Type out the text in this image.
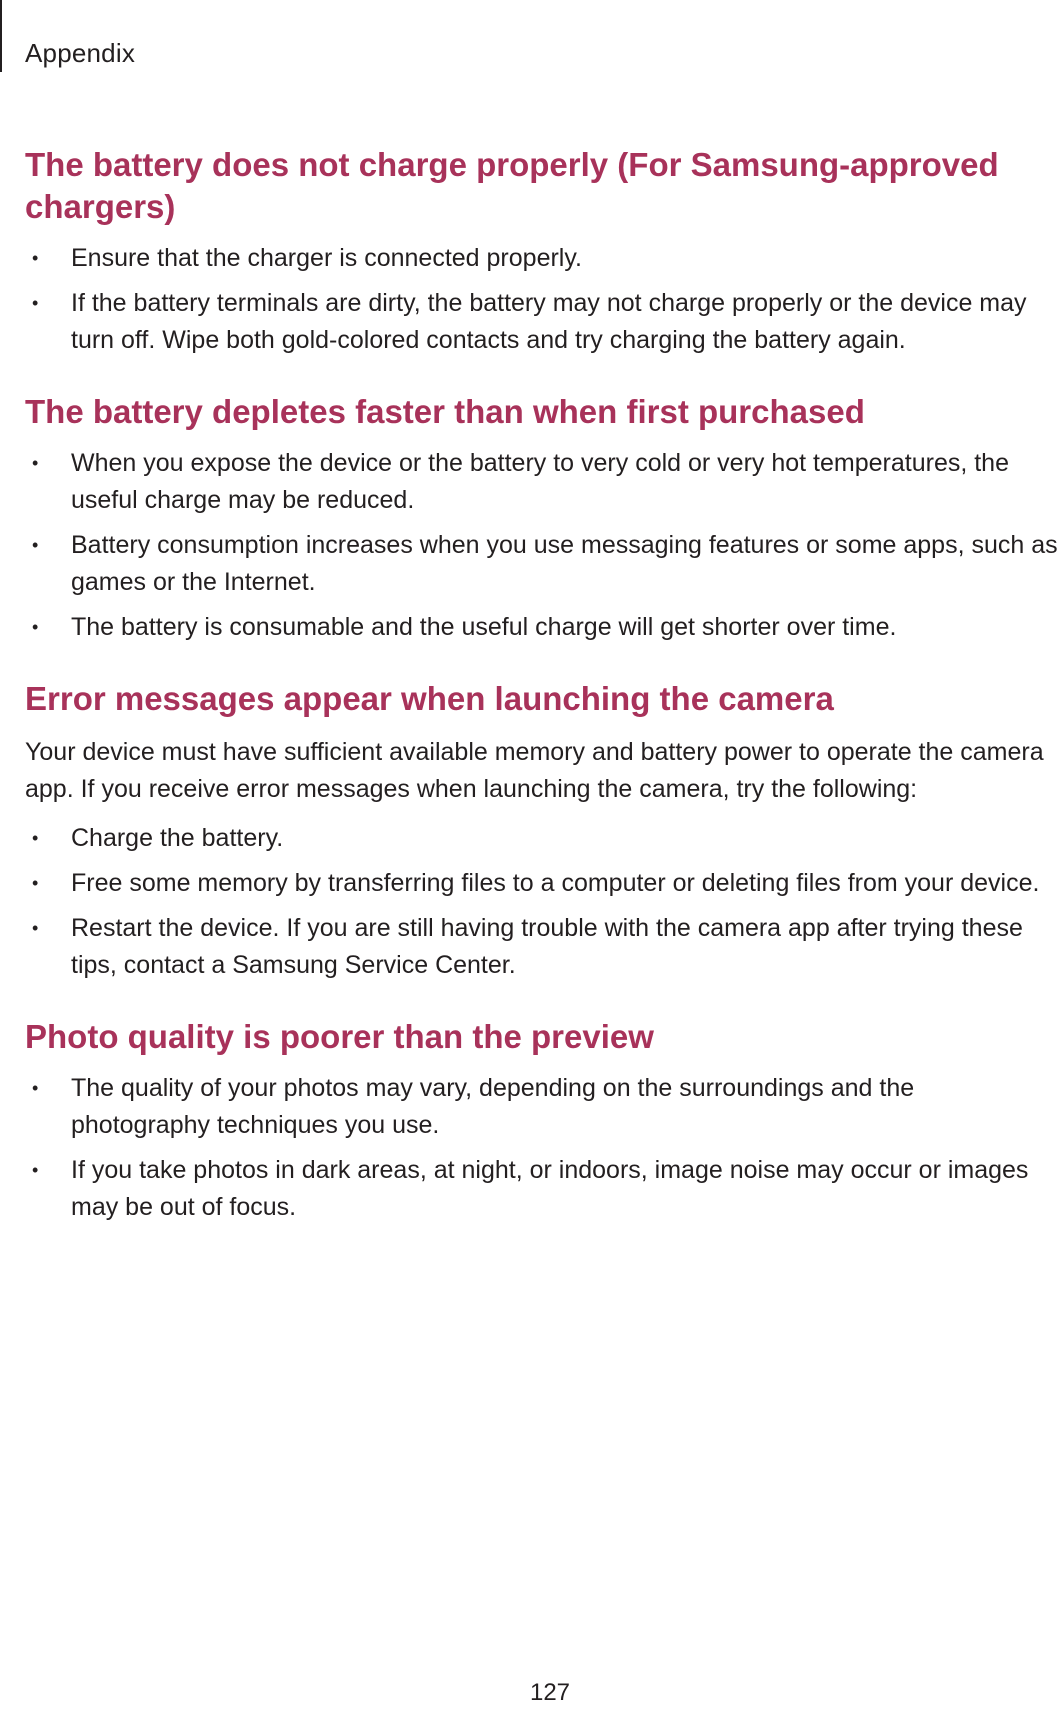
Appendix
The battery does not charge properly (For Samsung-approved chargers)
• Ensure that the charger is connected properly.
• If the battery terminals are dirty, the battery may not charge properly or the device may turn off. Wipe both gold-colored contacts and try charging the battery again.
The battery depletes faster than when first purchased
• When you expose the device or the battery to very cold or very hot temperatures, the useful charge may be reduced.
• Battery consumption increases when you use messaging features or some apps, such as games or the Internet.
• The battery is consumable and the useful charge will get shorter over time.
Error messages appear when launching the camera

Your device must have sufficient available memory and battery power to operate the camera app. If you receive error messages when launching the camera, try the following:

• Charge the battery.
• Free some memory by transferring files to a computer or deleting files from your device.
• Restart the device. If you are still having trouble with the camera app after trying these tips, contact a Samsung Service Center.
Photo quality is poorer than the preview
• The quality of your photos may vary, depending on the surroundings and the photography techniques you use.
• If you take photos in dark areas, at night, or indoors, image noise may occur or images may be out of focus.
127
